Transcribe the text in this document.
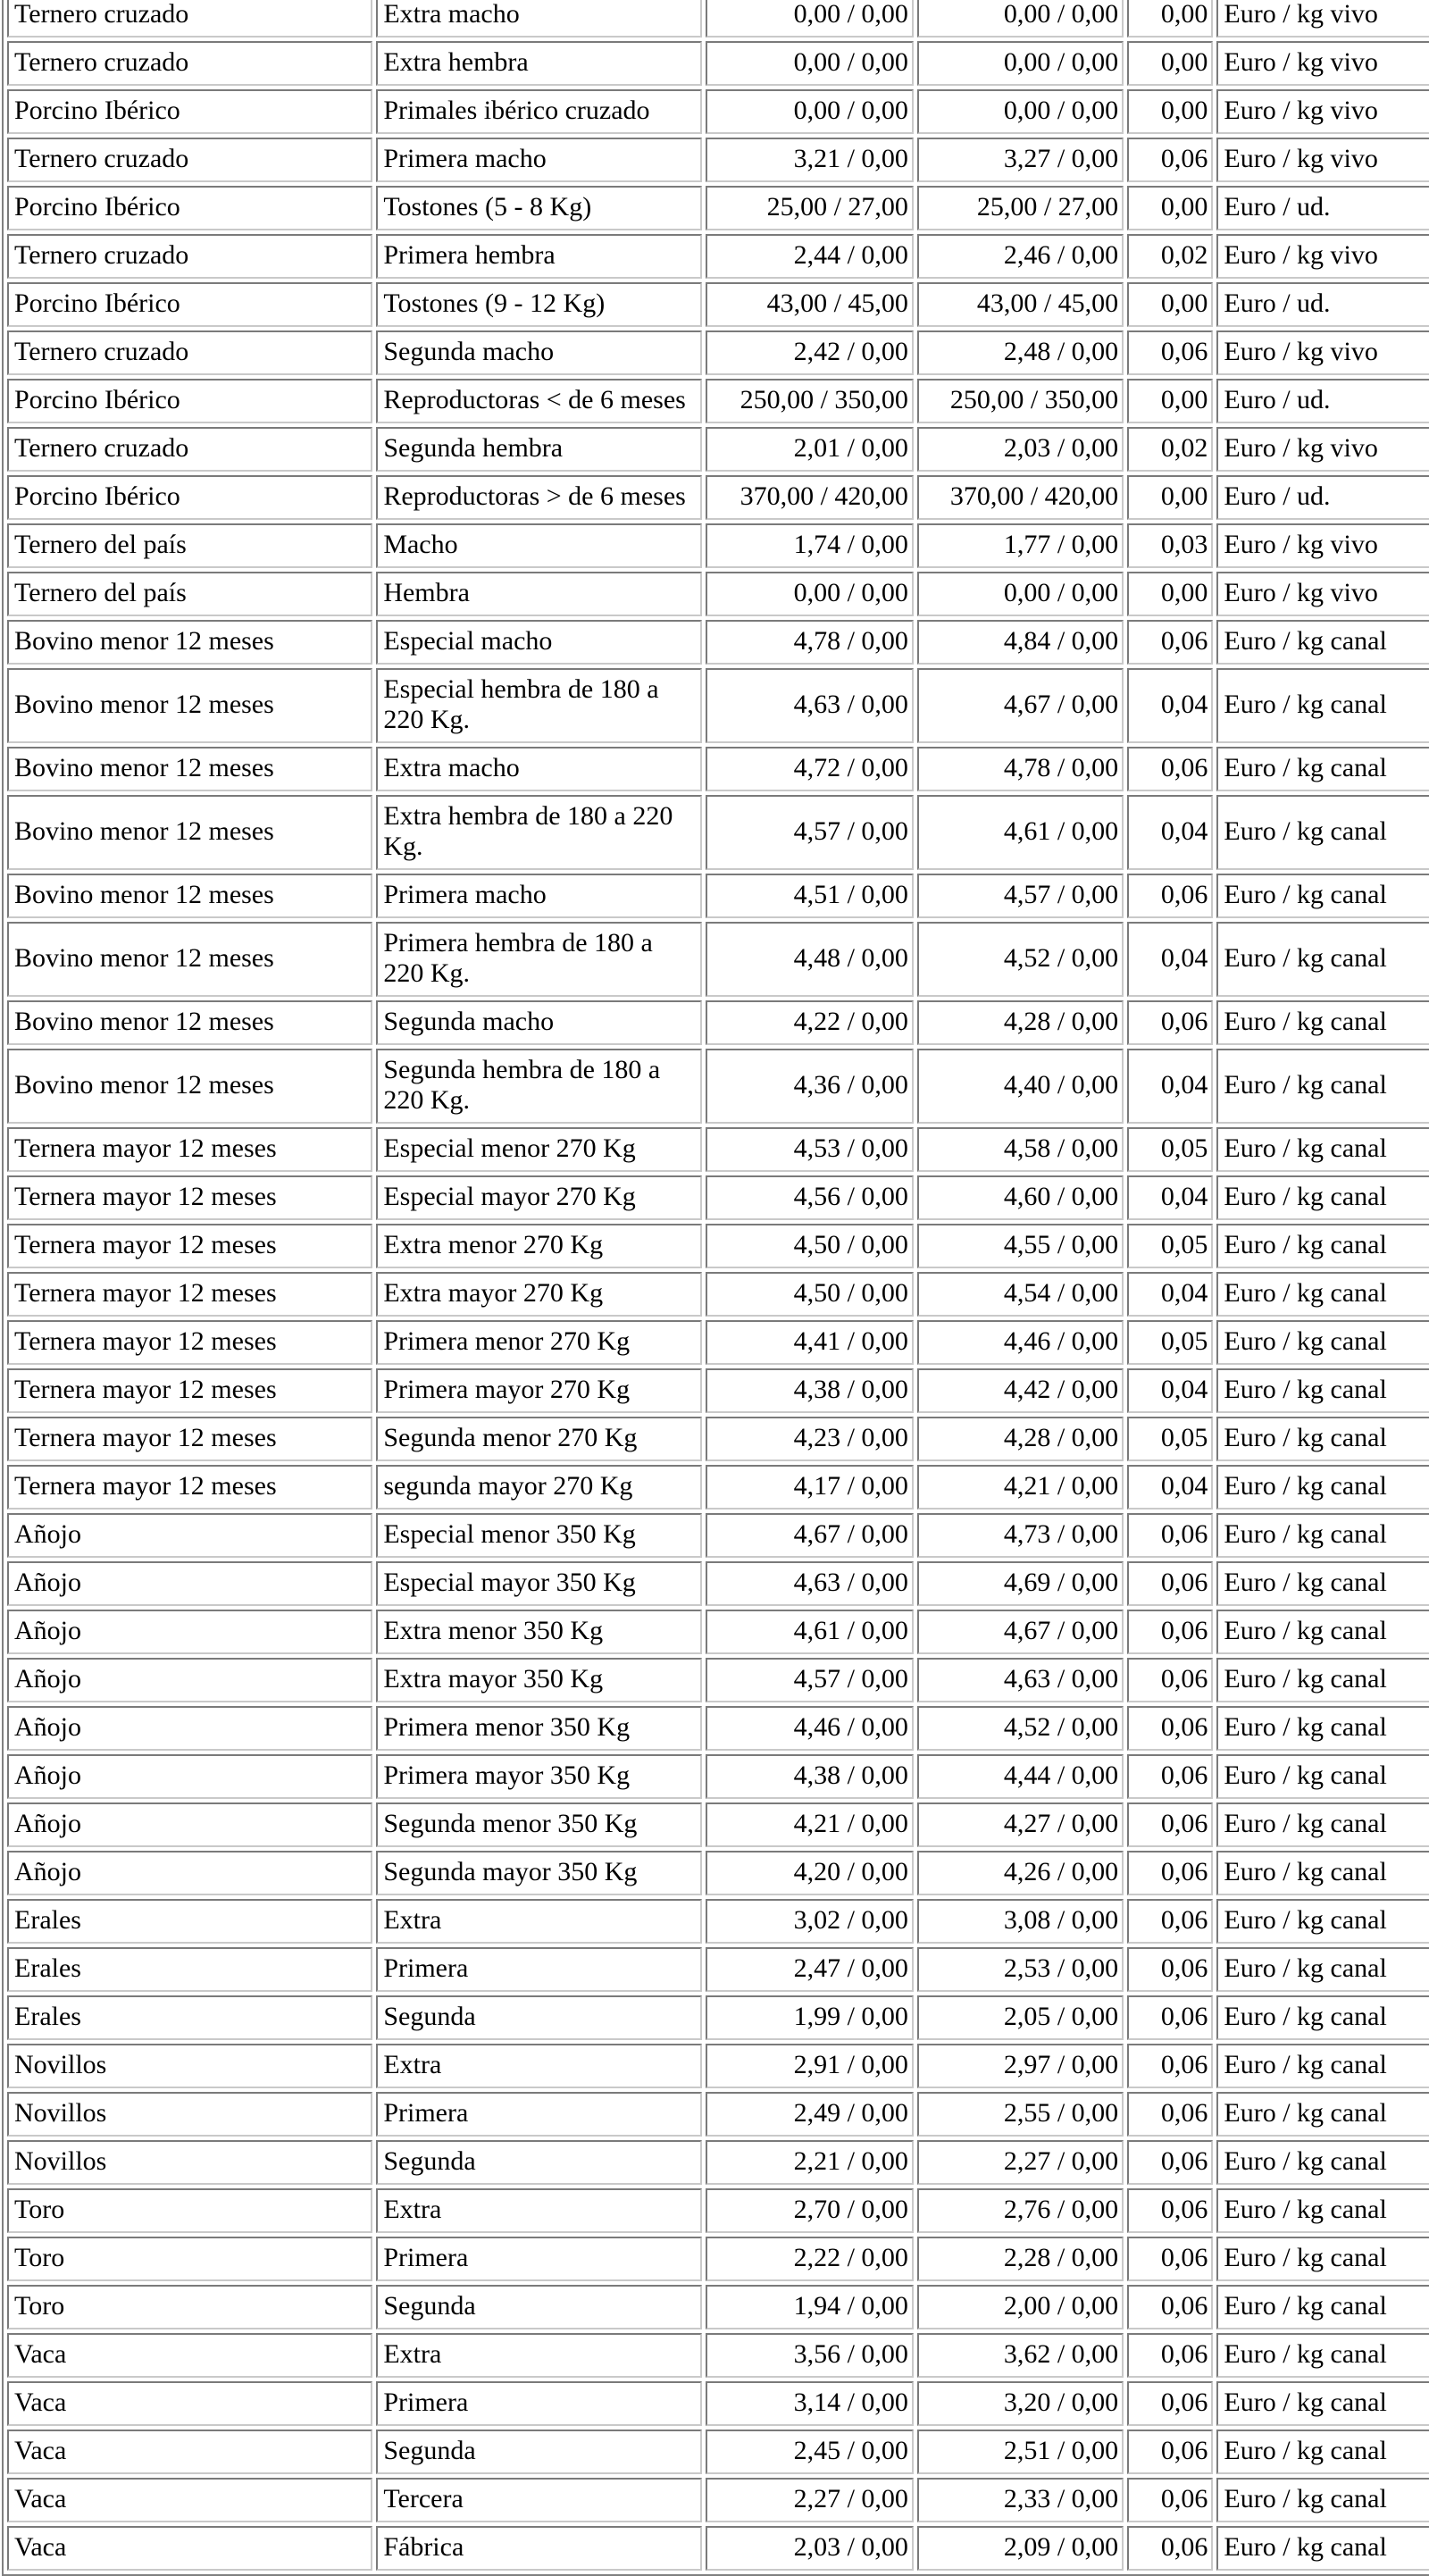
Ternero cruzado	Extra macho	0,00 / 0,00	0,00 / 0,00	0,00	Euro / kg vivo
Ternero cruzado	Extra hembra	0,00 / 0,00	0,00 / 0,00	0,00	Euro / kg vivo
Porcino Ibérico	Primales ibérico cruzado	0,00 / 0,00	0,00 / 0,00	0,00	Euro / kg vivo
Ternero cruzado	Primera macho	3,21 / 0,00	3,27 / 0,00	0,06	Euro / kg vivo
Porcino Ibérico	Tostones (5 - 8 Kg)	25,00 / 27,00	25,00 / 27,00	0,00	Euro / ud.
Ternero cruzado	Primera hembra	2,44 / 0,00	2,46 / 0,00	0,02	Euro / kg vivo
Porcino Ibérico	Tostones (9 - 12 Kg)	43,00 / 45,00	43,00 / 45,00	0,00	Euro / ud.
Ternero cruzado	Segunda macho	2,42 / 0,00	2,48 / 0,00	0,06	Euro / kg vivo
Porcino Ibérico	Reproductoras < de 6 meses	250,00 / 350,00	250,00 / 350,00	0,00	Euro / ud.
Ternero cruzado	Segunda hembra	2,01 / 0,00	2,03 / 0,00	0,02	Euro / kg vivo
Porcino Ibérico	Reproductoras > de 6 meses	370,00 / 420,00	370,00 / 420,00	0,00	Euro / ud.
Ternero del país	Macho	1,74 / 0,00	1,77 / 0,00	0,03	Euro / kg vivo
Ternero del país	Hembra	0,00 / 0,00	0,00 / 0,00	0,00	Euro / kg vivo
Bovino menor 12 meses	Especial macho	4,78 / 0,00	4,84 / 0,00	0,06	Euro / kg canal
Bovino menor 12 meses	Especial hembra de 180 a 220 Kg.	4,63 / 0,00	4,67 / 0,00	0,04	Euro / kg canal
Bovino menor 12 meses	Extra macho	4,72 / 0,00	4,78 / 0,00	0,06	Euro / kg canal
Bovino menor 12 meses	Extra hembra de 180 a 220 Kg.	4,57 / 0,00	4,61 / 0,00	0,04	Euro / kg canal
Bovino menor 12 meses	Primera macho	4,51 / 0,00	4,57 / 0,00	0,06	Euro / kg canal
Bovino menor 12 meses	Primera hembra de 180 a 220 Kg.	4,48 / 0,00	4,52 / 0,00	0,04	Euro / kg canal
Bovino menor 12 meses	Segunda macho	4,22 / 0,00	4,28 / 0,00	0,06	Euro / kg canal
Bovino menor 12 meses	Segunda hembra de 180 a 220 Kg.	4,36 / 0,00	4,40 / 0,00	0,04	Euro / kg canal
Ternera mayor 12 meses	Especial menor 270 Kg	4,53 / 0,00	4,58 / 0,00	0,05	Euro / kg canal
Ternera mayor 12 meses	Especial mayor 270 Kg	4,56 / 0,00	4,60 / 0,00	0,04	Euro / kg canal
Ternera mayor 12 meses	Extra menor 270 Kg	4,50 / 0,00	4,55 / 0,00	0,05	Euro / kg canal
Ternera mayor 12 meses	Extra mayor 270 Kg	4,50 / 0,00	4,54 / 0,00	0,04	Euro / kg canal
Ternera mayor 12 meses	Primera menor 270 Kg	4,41 / 0,00	4,46 / 0,00	0,05	Euro / kg canal
Ternera mayor 12 meses	Primera mayor 270 Kg	4,38 / 0,00	4,42 / 0,00	0,04	Euro / kg canal
Ternera mayor 12 meses	Segunda menor 270 Kg	4,23 / 0,00	4,28 / 0,00	0,05	Euro / kg canal
Ternera mayor 12 meses	segunda mayor 270 Kg	4,17 / 0,00	4,21 / 0,00	0,04	Euro / kg canal
Añojo	Especial menor 350 Kg	4,67 / 0,00	4,73 / 0,00	0,06	Euro / kg canal
Añojo	Especial mayor 350 Kg	4,63 / 0,00	4,69 / 0,00	0,06	Euro / kg canal
Añojo	Extra menor 350 Kg	4,61 / 0,00	4,67 / 0,00	0,06	Euro / kg canal
Añojo	Extra mayor 350 Kg	4,57 / 0,00	4,63 / 0,00	0,06	Euro / kg canal
Añojo	Primera menor 350 Kg	4,46 / 0,00	4,52 / 0,00	0,06	Euro / kg canal
Añojo	Primera mayor 350 Kg	4,38 / 0,00	4,44 / 0,00	0,06	Euro / kg canal
Añojo	Segunda menor 350 Kg	4,21 / 0,00	4,27 / 0,00	0,06	Euro / kg canal
Añojo	Segunda mayor 350 Kg	4,20 / 0,00	4,26 / 0,00	0,06	Euro / kg canal
Erales	Extra	3,02 / 0,00	3,08 / 0,00	0,06	Euro / kg canal
Erales	Primera	2,47 / 0,00	2,53 / 0,00	0,06	Euro / kg canal
Erales	Segunda	1,99 / 0,00	2,05 / 0,00	0,06	Euro / kg canal
Novillos	Extra	2,91 / 0,00	2,97 / 0,00	0,06	Euro / kg canal
Novillos	Primera	2,49 / 0,00	2,55 / 0,00	0,06	Euro / kg canal
Novillos	Segunda	2,21 / 0,00	2,27 / 0,00	0,06	Euro / kg canal
Toro	Extra	2,70 / 0,00	2,76 / 0,00	0,06	Euro / kg canal
Toro	Primera	2,22 / 0,00	2,28 / 0,00	0,06	Euro / kg canal
Toro	Segunda	1,94 / 0,00	2,00 / 0,00	0,06	Euro / kg canal
Vaca	Extra	3,56 / 0,00	3,62 / 0,00	0,06	Euro / kg canal
Vaca	Primera	3,14 / 0,00	3,20 / 0,00	0,06	Euro / kg canal
Vaca	Segunda	2,45 / 0,00	2,51 / 0,00	0,06	Euro / kg canal
Vaca	Tercera	2,27 / 0,00	2,33 / 0,00	0,06	Euro / kg canal
Vaca	Fábrica	2,03 / 0,00	2,09 / 0,00	0,06	Euro / kg canal
